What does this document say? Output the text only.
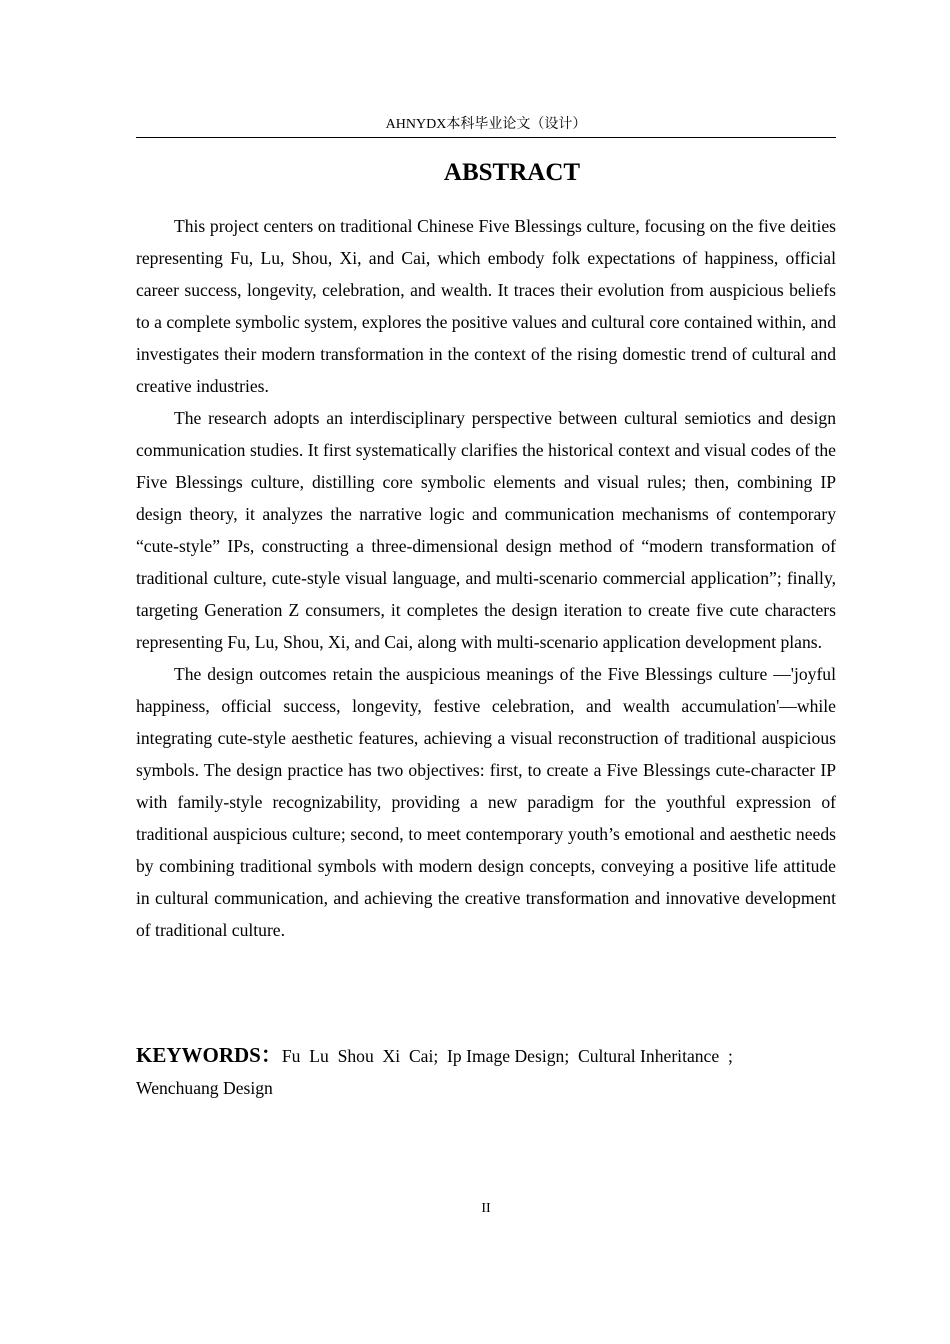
AHNYDX本科毕业论文（设计）
ABSTRACT

This project centers on traditional Chinese Five Blessings culture, focusing on the five deities representing Fu, Lu, Shou, Xi, and Cai, which embody folk expectations of happiness, official career success, longevity, celebration, and wealth. It traces their evolution from auspicious beliefs to a complete symbolic system, explores the positive values and cultural core contained within, and investigates their modern transformation in the context of the rising domestic trend of cultural and creative industries.

The research adopts an interdisciplinary perspective between cultural semiotics and design communication studies. It first systematically clarifies the historical context and visual codes of the Five Blessings culture, distilling core symbolic elements and visual rules; then, combining IP design theory, it analyzes the narrative logic and communication mechanisms of contemporary “cute-style” IPs, constructing a three-dimensional design method of “modern transformation of traditional culture, cute-style visual language, and multi-scenario commercial application”; finally, targeting Generation Z consumers, it completes the design iteration to create five cute characters representing Fu, Lu, Shou, Xi, and Cai, along with multi-scenario application development plans.

The design outcomes retain the auspicious meanings of the Five Blessings culture —'joyful happiness, official success, longevity, festive celebration, and wealth accumulation'—while integrating cute-style aesthetic features, achieving a visual reconstruction of traditional auspicious symbols. The design practice has two objectives: first, to create a Five Blessings cute-character IP with family-style recognizability, providing a new paradigm for the youthful expression of traditional auspicious culture; second, to meet contemporary youth’s emotional and aesthetic needs by combining traditional symbols with modern design concepts, conveying a positive life attitude in cultural communication, and achieving the creative transformation and innovative development of traditional culture.

KEYWORDS：Fu  Lu  Shou  Xi  Cai;  Ip Image Design;  Cultural Inheritance  ;
Wenchuang Design
II
